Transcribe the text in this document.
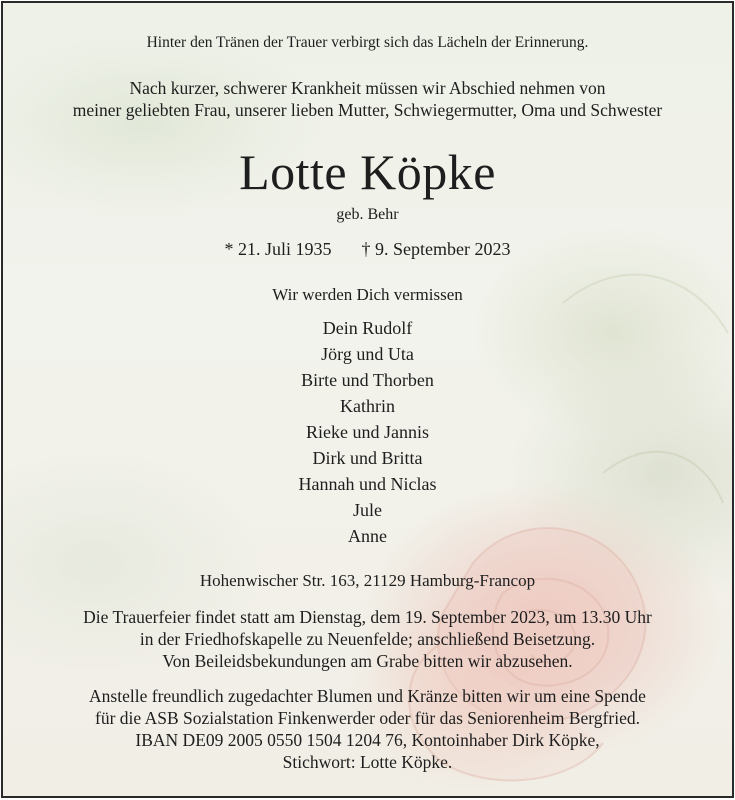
Hinter den Tränen der Trauer verbirgt sich das Lächeln der Erinnerung.
Nach kurzer, schwerer Krankheit müssen wir Abschied nehmen von
meiner geliebten Frau, unserer lieben Mutter, Schwiegermutter, Oma und Schwester
Lotte Köpke
geb. Behr
* 21. Juli 1935 † 9. September 2023
Wir werden Dich vermissen
Dein Rudolf
Jörg und Uta
Birte und Thorben
Kathrin
Rieke und Jannis
Dirk und Britta
Hannah und Niclas
Jule
Anne
Hohenwischer Str. 163, 21129 Hamburg-Francop
Die Trauerfeier findet statt am Dienstag, dem 19. September 2023, um 13.30 Uhr
in der Friedhofskapelle zu Neuenfelde; anschließend Beisetzung.
Von Beileidsbekundungen am Grabe bitten wir abzusehen.
Anstelle freundlich zugedachter Blumen und Kränze bitten wir um eine Spende
für die ASB Sozialstation Finkenwerder oder für das Seniorenheim Bergfried.
IBAN DE09 2005 0550 1504 1204 76, Kontoinhaber Dirk Köpke,
Stichwort: Lotte Köpke.
